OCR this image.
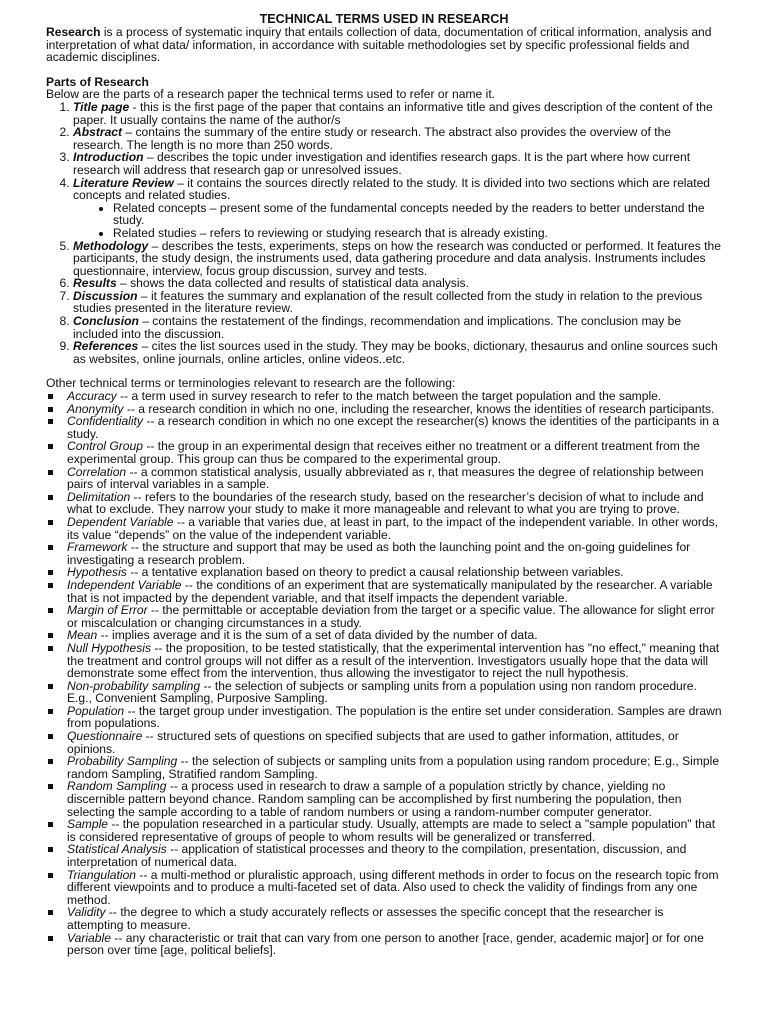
TECHNICAL TERMS USED IN RESEARCH

Research is a process of systematic inquiry that entails collection of data, documentation of critical information, analysis and interpretation of what data/ information, in accordance with suitable methodologies set by specific professional fields and academic disciplines.

Parts of Research

Below are the parts of a research paper the technical terms used to refer or name it.

1. Title page - this is the first page of the paper that contains an informative title and gives description of the content of the paper. It usually contains the name of the author/s
2. Abstract – contains the summary of the entire study or research. The abstract also provides the overview of the research. The length is no more than 250 words.
3. Introduction – describes the topic under investigation and identifies research gaps. It is the part where how current research will address that research gap or unresolved issues.
4. Literature Review – it contains the sources directly related to the study. It is divided into two sections which are related concepts and related studies.
• Related concepts – present some of the fundamental concepts needed by the readers to better understand the study.
• Related studies – refers to reviewing or studying research that is already existing.
5. Methodology – describes the tests, experiments, steps on how the research was conducted or performed. It features the participants, the study design, the instruments used, data gathering procedure and data analysis. Instruments includes questionnaire, interview, focus group discussion, survey and tests.
6. Results – shows the data collected and results of statistical data analysis.
7. Discussion – it features the summary and explanation of the result collected from the study in relation to the previous studies presented in the literature review.
8. Conclusion – contains the restatement of the findings, recommendation and implications. The conclusion may be included into the discussion.
9. References – cites the list sources used in the study. They may be books, dictionary, thesaurus and online sources such as websites, online journals, online articles, online videos..etc.

Other technical terms or terminologies relevant to research are the following:

Accuracy -- a term used in survey research to refer to the match between the target population and the sample.
Anonymity -- a research condition in which no one, including the researcher, knows the identities of research participants.
Confidentiality -- a research condition in which no one except the researcher(s) knows the identities of the participants in a study.
Control Group -- the group in an experimental design that receives either no treatment or a different treatment from the experimental group. This group can thus be compared to the experimental group.
Correlation -- a common statistical analysis, usually abbreviated as r, that measures the degree of relationship between pairs of interval variables in a sample.
Delimitation -- refers to the boundaries of the research study, based on the researcher’s decision of what to include and what to exclude. They narrow your study to make it more manageable and relevant to what you are trying to prove.
Dependent Variable -- a variable that varies due, at least in part, to the impact of the independent variable. In other words, its value “depends” on the value of the independent variable.
Framework -- the structure and support that may be used as both the launching point and the on-going guidelines for investigating a research problem.
Hypothesis -- a tentative explanation based on theory to predict a causal relationship between variables.
Independent Variable -- the conditions of an experiment that are systematically manipulated by the researcher. A variable that is not impacted by the dependent variable, and that itself impacts the dependent variable.
Margin of Error -- the permittable or acceptable deviation from the target or a specific value. The allowance for slight error or miscalculation or changing circumstances in a study.
Mean -- implies average and it is the sum of a set of data divided by the number of data.
Null Hypothesis -- the proposition, to be tested statistically, that the experimental intervention has "no effect," meaning that the treatment and control groups will not differ as a result of the intervention. Investigators usually hope that the data will demonstrate some effect from the intervention, thus allowing the investigator to reject the null hypothesis.
Non-probability sampling -- the selection of subjects or sampling units from a population using non random procedure. E.g., Convenient Sampling, Purposive Sampling.
Population -- the target group under investigation. The population is the entire set under consideration. Samples are drawn from populations.
Questionnaire -- structured sets of questions on specified subjects that are used to gather information, attitudes, or opinions.
Probability Sampling -- the selection of subjects or sampling units from a population using random procedure; E.g., Simple random Sampling, Stratified random Sampling.
Random Sampling -- a process used in research to draw a sample of a population strictly by chance, yielding no discernible pattern beyond chance. Random sampling can be accomplished by first numbering the population, then selecting the sample according to a table of random numbers or using a random-number computer generator.
Sample -- the population researched in a particular study. Usually, attempts are made to select a "sample population" that is considered representative of groups of people to whom results will be generalized or transferred.
Statistical Analysis -- application of statistical processes and theory to the compilation, presentation, discussion, and interpretation of numerical data.
Triangulation -- a multi-method or pluralistic approach, using different methods in order to focus on the research topic from different viewpoints and to produce a multi-faceted set of data. Also used to check the validity of findings from any one method.
Validity -- the degree to which a study accurately reflects or assesses the specific concept that the researcher is attempting to measure.
Variable -- any characteristic or trait that can vary from one person to another [race, gender, academic major] or for one person over time [age, political beliefs].
